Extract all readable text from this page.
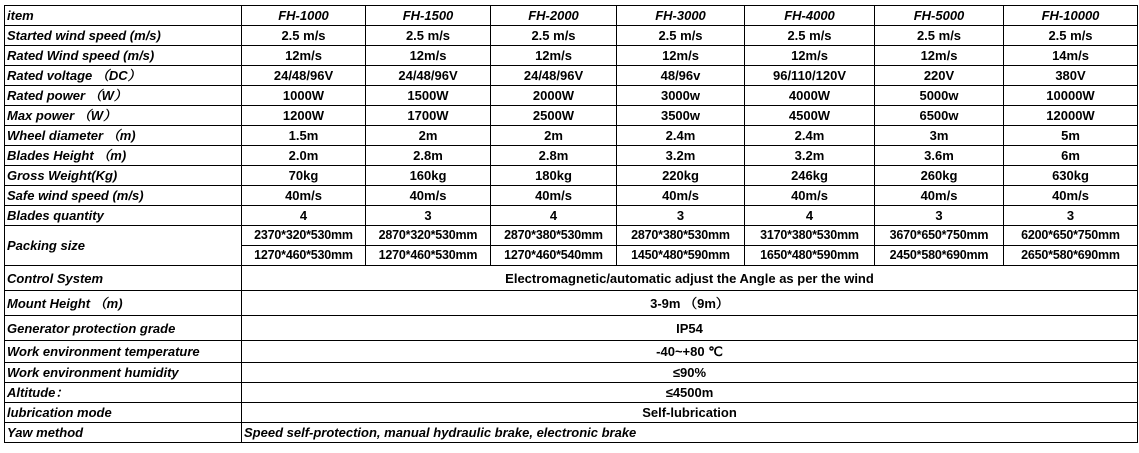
item	FH-1000	FH-1500	FH-2000	FH-3000	FH-4000	FH-5000	FH-10000
Started wind speed (m/s)	2.5 m/s	2.5 m/s	2.5 m/s	2.5 m/s	2.5 m/s	2.5 m/s	2.5 m/s
Rated Wind speed (m/s)	12m/s	12m/s	12m/s	12m/s	12m/s	12m/s	14m/s
Rated voltage （DC）	24/48/96V	24/48/96V	24/48/96V	48/96v	96/110/120V	220V	380V
Rated power （W）	1000W	1500W	2000W	3000w	4000W	5000w	10000W
Max power （W）	1200W	1700W	2500W	3500w	4500W	6500w	12000W
Wheel diameter （m)	1.5m	2m	2m	2.4m	2.4m	3m	5m
Blades Height （m)	2.0m	2.8m	2.8m	3.2m	3.2m	3.6m	6m
Gross Weight(Kg)	70kg	160kg	180kg	220kg	246kg	260kg	630kg
Safe wind speed (m/s)	40m/s	40m/s	40m/s	40m/s	40m/s	40m/s	40m/s
Blades quantity	4	3	4	3	4	3	3
Packing size	2370*320*530mm	2870*320*530mm	2870*380*530mm	2870*380*530mm	3170*380*530mm	3670*650*750mm	6200*650*750mm
	1270*460*530mm	1270*460*530mm	1270*460*540mm	1450*480*590mm	1650*480*590mm	2450*580*690mm	2650*580*690mm
Control System	Electromagnetic/automatic adjust the Angle as per the wind						
Mount Height （m)	3-9m （9m）						
Generator protection grade	IP54						
Work environment temperature	-40~+80 ℃						
Work environment humidity	≤90%						
Altitude：	≤4500m						
lubrication mode	Self-lubrication						
Yaw method	Speed self-protection, manual hydraulic brake, electronic brake						
